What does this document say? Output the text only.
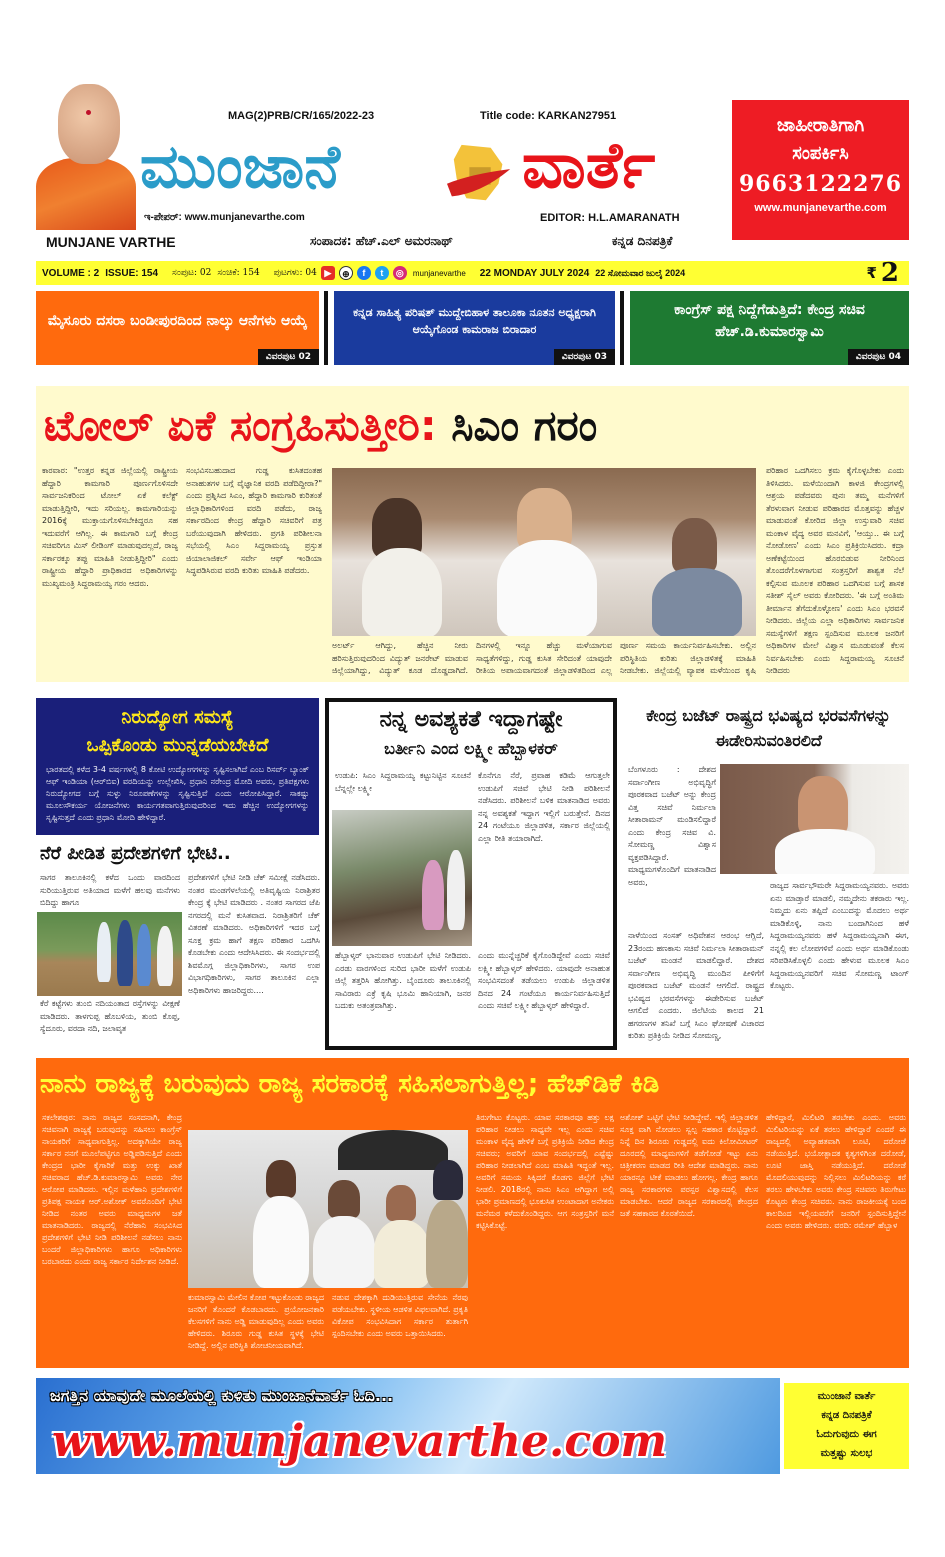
MUNJANE VARTHE
MAG(2)PRB/CR/165/2022-23	Title code: KARKAN27951
ಮುಂಜಾನೆ	ವಾರ್ತೆ
ಇ-ಪೇಪರ್: www.munjanevarthe.com	EDITOR: H.L.AMARANATH
ಸಂಪಾದಕ: ಹೆಚ್.ಎಲ್ ಅಮರನಾಥ್	ಕನ್ನಡ ದಿನಪತ್ರಿಕೆ
ಜಾಹೀರಾತಿಗಾಗಿ
ಸಂಪರ್ಕಿಸಿ
9663122276
www.munjanevarthe.com
VOLUME : 2 ISSUE: 154 ಸಂಪುಟ: 02 ಸಂಚಿಕೆ: 154 ಪುಟಗಳು: 04 ▶	⊕	f	t	◎	munjanevarthe 22 MONDAY JULY 2024 22 ಸೋಮವಾರ ಜುಲೈ 2024	₹ 2
ಮೈಸೂರು ದಸರಾ ಬಂಡೀಪುರದಿಂದ ನಾಲ್ಕು ಆನೆಗಳು ಆಯ್ಕೆ
ವಿವರಪುಟ 02
ಕನ್ನಡ ಸಾಹಿತ್ಯ ಪರಿಷತ್ ಮುದ್ದೇಬಿಹಾಳ ತಾಲೂಕಾ ನೂತನ ಅಧ್ಯಕ್ಷರಾಗಿ ಆಯ್ಕೆಗೊಂಡ ಕಾಮರಾಜ ಬಿರಾದಾರ
ವಿವರಪುಟ 03
ಕಾಂಗ್ರೆಸ್ ಪಕ್ಷ ನಿದ್ದೆಗೆಡುತ್ತಿದೆ: ಕೇಂದ್ರ ಸಚಿವ ಹೆಚ್.ಡಿ.ಕುಮಾರಸ್ವಾಮಿ
ವಿವರಪುಟ 04
ಟೋಲ್ ಏಕೆ ಸಂಗ್ರಹಿಸುತ್ತೀರಿ: ಸಿಎಂ ಗರಂ
ಕಾರವಾರ: "ಉತ್ತರ ಕನ್ನಡ ಜಿಲ್ಲೆಯಲ್ಲಿ ರಾಷ್ಟ್ರೀಯ ಹೆದ್ದಾರಿ ಕಾಮಗಾರಿ ಪೂರ್ಣಗೊಳಿಸದೇ ಸಾರ್ವಜನಿಕರಿಂದ ಟೋಲ್ ಏಕೆ ಕಲೆಕ್ಟ್ ಮಾಡುತ್ತಿದ್ದೀರಿ, ಇದು ಸರಿಯಲ್ಲ. ಕಾಮಗಾರಿಯನ್ನು 2016ಕ್ಕೆ ಮುಕ್ತಾಯಗೊಳಿಸಬೇಕಿದ್ದರೂ ಸಹ ಇದುವರೆಗೆ ಆಗಿಲ್ಲ. ಈ ಕಾಮಗಾರಿ ಬಗ್ಗೆ ಕೇಂದ್ರ ಸಚಿವರಿಗೂ ಮಿಸ್ ಲೀಡಿಂಗ್ ಮಾಡುವುದಲ್ಲದೆ, ರಾಜ್ಯ ಸರ್ಕಾರಕ್ಕೂ ತಪ್ಪು ಮಾಹಿತಿ ನೀಡುತ್ತಿದ್ದೀರಿ" ಎಂದು ರಾಷ್ಟ್ರೀಯ ಹೆದ್ದಾರಿ ಪ್ರಾಧಿಕಾರದ ಅಧಿಕಾರಿಗಳನ್ನು ಮುಖ್ಯಮಂತ್ರಿ ಸಿದ್ದರಾಮಯ್ಯ ಗರಂ ಆದರು.
ಸಂಭವಿಸಬಹುದಾದ ಗುಡ್ಡ ಕುಸಿತದಂತಹ ಅನಾಹುತಗಳ ಬಗ್ಗೆ ವೈಜ್ಞಾನಿಕ ವರದಿ ಪಡೆದಿದ್ದೀರಾ?" ಎಂದು ಪ್ರಶ್ನಿಸಿದ ಸಿಎಂ, ಹೆದ್ದಾರಿ ಕಾಮಗಾರಿ ಕುರಿತಂತೆ ಜಿಲ್ಲಾಧಿಕಾರಿಗಳಿಂದ ವರದಿ ಪಡೆದು, ರಾಜ್ಯ ಸರ್ಕಾರದಿಂದ ಕೇಂದ್ರ ಹೆದ್ದಾರಿ ಸಚಿವರಿಗೆ ಪತ್ರ ಬರೆಯುವುದಾಗಿ ಹೇಳಿದರು. ಪ್ರಗತಿ ಪರಿಶೀಲನಾ ಸಭೆಯಲ್ಲಿ ಸಿಎಂ ಸಿದ್ದರಾಮಯ್ಯ ಪ್ರಸ್ತುತ ಜಿಯಾಲಾಜಿಕಲ್ ಸರ್ವೇ ಆಫ್ ಇಂಡಿಯಾ ಸಿದ್ಧಪಡಿಸಿರುವ ವರದಿ ಕುರಿತು ಮಾಹಿತಿ ಪಡೆದರು.
ಅಲರ್ಟ್ ಆಗಿದ್ದು, ಹೆಚ್ಚಿನ ನೀರು ಹರಿಸುತ್ತಿರುವುದರಿಂದ ವಿದ್ಯುತ್ ಜನರೇಟ್ ಮಾಡುವ ಜಿಲ್ಲೆಯಾಗಿದ್ದು, ವಿದ್ಯುತ್ ಕೂಡ ದೊಡ್ಡದಾಗಿದೆ.
ದಿನಗಳಲ್ಲಿ ಇನ್ನೂ ಹೆಚ್ಚು ಮಳೆಯಾಗುವ ಸಾಧ್ಯತೆಗಳಿದ್ದು, ಗುಡ್ಡ ಕುಸಿತ ಸೇರಿದಂತೆ ಯಾವುದೇ ರೀತಿಯ ಅಪಾಯವಾಗದಂತೆ ಜಿಲ್ಲಾಡಳಿತದಿಂದ ಎಲ್ಲ
ಪೂರ್ಣ ಸಮಯ ಕಾರ್ಯನಿರ್ವಹಿಸಬೇಕು. ಅಲ್ಲಿನ ಪರಿಸ್ಥಿತಿಯ ಕುರಿತು ಜಿಲ್ಲಾಡಳಿತಕ್ಕೆ ಮಾಹಿತಿ ನೀಡಬೇಕು. ಜಿಲ್ಲೆಯಲ್ಲಿ ವ್ಯಾಪಕ ಮಳೆಯಿಂದ ಕೃಷಿ
ಪರಿಹಾರ ಒದಗಿಸಲು ಕ್ರಮ ಕೈಗೊಳ್ಳಬೇಕು ಎಂದು ತಿಳಿಸಿದರು. ಮಳೆಯಿಂದಾಗಿ ಕಾಳಜಿ ಕೇಂದ್ರಗಳಲ್ಲಿ ಆಶ್ರಯ ಪಡೆದವರು ಪುನಃ ತಮ್ಮ ಮನೆಗಳಿಗೆ ತೆರಳುವಾಗ ನೀಡುವ ಪರಿಹಾರದ ಮೊತ್ತವನ್ನು ಹೆಚ್ಚಳ ಮಾಡುವಂತೆ ಕೋರಿದ ಜಿಲ್ಲಾ ಉಸ್ತುವಾರಿ ಸಚಿವ ಮಂಕಾಳ ವೈದ್ಯ ಅವರ ಮನವಿಗೆ, 'ಆಯ್ತು.. ಈ ಬಗ್ಗೆ ನೋಡೋಣ' ಎಂದು ಸಿಎಂ ಪ್ರತಿಕ್ರಿಯಿಸಿದರು. ಕದ್ರಾ ಅಣೆಕಟ್ಟೆಯಿಂದ ಹೊರಬಿಡುವ ನೀರಿನಿಂದ ತೊಂದರೆಗೊಳಗಾಗುವ ಸಂತ್ರಸ್ತರಿಗೆ ಶಾಶ್ವತ ನೆಲೆ ಕಲ್ಪಿಸುವ ಮೂಲಕ ಪರಿಹಾರ ಒದಗಿಸುವ ಬಗ್ಗೆ ಶಾಸಕ ಸತೀಶ್ ಸೈಲ್ ಅವರು ಕೋರಿದರು. 'ಈ ಬಗ್ಗೆ ಅಂತಿಮ ತೀರ್ಮಾನ ತೆಗೆದುಕೊಳ್ಳೋಣ' ಎಂದು ಸಿಎಂ ಭರವಸೆ ನೀಡಿದರು. ಜಿಲ್ಲೆಯ ಎಲ್ಲಾ ಅಧಿಕಾರಿಗಳು ಸಾರ್ವಜನಿಕ ಸಮಸ್ಯೆಗಳಿಗೆ ತಕ್ಷಣ ಸ್ಪಂದಿಸುವ ಮೂಲಕ ಜನರಿಗೆ ಅಧಿಕಾರಿಗಳ ಮೇಲೆ ವಿಶ್ವಾಸ ಮೂಡುವಂತೆ ಕೆಲಸ ನಿರ್ವಹಿಸಬೇಕು ಎಂದು ಸಿದ್ದರಾಮಯ್ಯ ಸೂಚನೆ ನೀಡಿದರು
ನಿರುದ್ಯೋಗ ಸಮಸ್ಯೆ
ಒಪ್ಪಿಕೊಂಡು ಮುನ್ನಡೆಯಬೇಕಿದೆ
ಭಾರತದಲ್ಲಿ ಕಳೆದ 3-4 ವರ್ಷಗಳಲ್ಲಿ 8 ಕೋಟಿ ಉದ್ಯೋಗಗಳನ್ನು ಸೃಷ್ಟಿಸಲಾಗಿದೆ ಎಂಬ ರಿಸರ್ವ್ ಬ್ಯಾಂಕ್ ಆಫ್ ಇಂಡಿಯಾ (ಆರ್‌ಬಿಐ) ವರದಿಯನ್ನು ಉಲ್ಲೇಖಿಸಿ, ಪ್ರಧಾನಿ ನರೇಂದ್ರ ಮೋದಿ ಅವರು, ಪ್ರತಿಪಕ್ಷಗಳು ನಿರುದ್ಯೋಗದ ಬಗ್ಗೆ ಸುಳ್ಳು ನಿರೂಪಣೆಗಳನ್ನು ಸೃಷ್ಟಿಸುತ್ತಿವೆ ಎಂದು ಆರೋಪಿಸಿದ್ದಾರೆ. ಸಾಕಷ್ಟು ಮೂಲಸೌಕರ್ಯ ಯೋಜನೆಗಳು ಕಾರ್ಯಗತವಾಗುತ್ತಿರುವುದರಿಂದ ಇದು ಹೆಚ್ಚಿನ ಉದ್ಯೋಗಗಳನ್ನು ಸೃಷ್ಟಿಸುತ್ತದೆ ಎಂದು ಪ್ರಧಾನಿ ಮೋದಿ ಹೇಳಿದ್ದಾರೆ.
ನೆರೆ ಪೀಡಿತ ಪ್ರದೇಶಗಳಿಗೆ ಭೇಟಿ..
ಸಾಗರ ತಾಲೂಕಿನಲ್ಲಿ ಕಳೆದ ಒಂದು ವಾರದಿಂದ ಸುರಿಯುತ್ತಿರುವ ಅತಿಯಾದ ಮಳೆಗೆ ಹಲವು ಮನೆಗಳು ಬಿದಿದ್ದು ಹಾಗೂ
ಕೆರೆ ಕಟ್ಟೆಗಳು ತುಂಬಿ ನದಿಯಂತಾದ ರಸ್ತೆಗಳನ್ನು ವೀಕ್ಷಣೆ ಮಾಡಿದರು. ತಾಳಗುಪ್ಪ ಹೊಬಳಿಯ, ತುಂಬಿ ಕೊಪ್ಪ, ಸ್ಯೆದೂರು, ವರದಾ ನದಿ, ಜಲಾವೃತ
ಪ್ರದೇಶಗಳಿಗೆ ಭೇಟಿ ನೀಡಿ ಚೆಕ್ ಸಮೀಕ್ಷೆ ನಡೆಸಿದರು. ನಂತರ ಮಂಡಗೆಳಲೆಯಲ್ಲಿ ಅತಿವೃಷ್ಟಿಯ ನಿರಾಶ್ರಿತರ ಕೇಂದ್ರ ಕ್ಕೆ ಭೇಟಿ ಮಾಡಿದರು . ನಂತರ ಸಾಗರದ ಜೆಪಿ ನಗರದಲ್ಲಿ ಮನೆ ಕುಸಿತವಾದ. ನಿರಾಶ್ರಿತರಿಗೆ ಚೆಕ್ ವಿತರಣೆ ಮಾಡಿದರು. ಅಧಿಕಾರಿಗಳಿಗೆ ಇದರ ಬಗ್ಗೆ ಸೂಕ್ತ ಕ್ರಮ ಹಾಗೆ ತಕ್ಷಣ ಪರಿಹಾರ ಒದಗಿಸಿ ಕೊಡಬೇಕು ಎಂದು ಆದೇಸಿಸಿದರು. ಈ ಸಂದರ್ಭದಲ್ಲಿ ಶಿವಮೊಗ್ಗ ಜಿಲ್ಲಾಧಿಕಾರಿಗಳು, ಸಾಗರ ಉಪ ವಿಭಾಗಧಿಕಾರಿಗಳು, ಸಾಗರ ತಾಲೂಕಿನ ಎಲ್ಲಾ ಅಧಿಕಾರಿಗಳು ಹಾಜರಿದ್ದರು....
ನನ್ನ ಅವಶ್ಯಕತೆ ಇದ್ದಾಗಷ್ಟೇ
ಬರ್ತೀನಿ ಎಂದ ಲಕ್ಷ್ಮೀ ಹೆಬ್ಬಾಳಕರ್
ಉಡುಪಿ: ಸಿಎಂ ಸಿದ್ದರಾಮಯ್ಯ ಕಟ್ಟುನಿಟ್ಟಿನ ಸೂಚನೆ ಬೆನ್ನಲ್ಲೇ ಲಕ್ಷ್ಮೀ
ಕೊನೆಗೂ ನೆರೆ, ಪ್ರವಾಹ ಕಡಿಮೆ ಆಗುತ್ತಲೇ ಉಡುಪಿಗೆ ಸಚಿವೆ ಭೇಟಿ ನೀಡಿ ಪರಿಶೀಲನೆ ನಡೆಸಿದರು. ಪರಿಶೀಲನೆ ಬಳಿಕ ಮಾತನಾಡಿದ ಅವರು ನನ್ನ ಅವಶ್ಯಕತೆ ಇದ್ದಾಗ ಇಲ್ಲಿಗೆ ಬರುತ್ತೇನೆ. ದಿನದ 24 ಗಂಟೆಯೂ ಜಿಲ್ಲಾಡಳಿತ, ಸರ್ಕಾರ ಜಿಲ್ಲೆಯಲ್ಲಿ ಎಲ್ಲಾ ರೀತಿ ತಯಾರಾಗಿದೆ.
ಹೆಬ್ಬಾಳ್ಕರ್ ಭಾನುವಾರ ಉಡುಪಿಗೆ ಭೇಟಿ ನೀಡಿದರು. ಎರಡು ವಾರಗಳಿಂದ ಸುರಿದ ಭಾರೀ ಮಳೆಗೆ ಉಡುಪಿ ಜಿಲ್ಲೆ ತತ್ತರಿಸಿ ಹೋಗಿತ್ತು. ಬೈಂದೂರು ತಾಲೂಕಿನಲ್ಲಿ ಸಾವಿರಾರು ಎಕ್ರೆ ಕೃಷಿ ಭೂಮಿ ಹಾನಿಯಾಗಿ, ಜನರ ಬದುಕು ಅತಂತ್ರವಾಗಿತ್ತು.
ಎಂದು ಮುನ್ನೆಚ್ಚರಿಕೆ ಕೈಗೊಂಡಿದ್ದೇವೆ ಎಂದು ಸಚಿವೆ ಲಕ್ಷ್ಮೀ ಹೆಬ್ಬಾಳ್ಕರ್ ಹೇಳಿದರು. ಯಾವುದೇ ಅನಾಹುತ ಸಂಭವಿಸದಂತೆ ತಡೆಯಲು ಉಡುಪಿ ಜಿಲ್ಲಾಡಳಿತ ದಿನದ 24 ಗಂಟೆಯೂ ಕಾರ್ಯನಿರ್ವಹಿಸುತ್ತಿದೆ ಎಂದು ಸಚಿವೆ ಲಕ್ಷ್ಮೀ ಹೆಬ್ಬಾಳ್ಕರ್ ಹೇಳಿದ್ದಾರೆ.
ಕೇಂದ್ರ ಬಜೆಟ್ ರಾಷ್ಟ್ರದ ಭವಿಷ್ಯದ ಭರವಸೆಗಳನ್ನು ಈಡೇರಿಸುವಂತಿರಲಿದೆ
ಬೆಂಗಳೂರು : ದೇಶದ ಸರ್ವಾಂಗೀಣ ಅಭಿವೃದ್ಧಿಗೆ ಪೂರಕವಾದ ಬಜೆಟ್ ಅನ್ನು ಕೇಂದ್ರ ವಿತ್ತ ಸಚಿವೆ ನಿರ್ಮಲಾ ಸೀತಾರಾಮನ್ ಮಂಡಿಸಲಿದ್ದಾರೆ ಎಂದು ಕೇಂದ್ರ ಸಚಿವ ವಿ. ಸೋಮಣ್ಣ ವಿಶ್ವಾಸ ವ್ಯಕ್ತಪಡಿಸಿದ್ದಾರೆ. ಮಾಧ್ಯಮಗಳೊಂದಿಗೆ ಮಾತನಾಡಿದ ಅವರು,
ನಾಳೆಯಿಂದ ಸಂಸತ್ ಅಧಿವೇಶನ ಆರಂಭ ಆಗ್ಲಿದೆ, 23ರಂದು ಹಣಕಾಸು ಸಚಿವೆ ನಿರ್ಮಲಾ ಸೀತಾರಾಮನ್ ಬಜೆಟ್ ಮಂಡನೆ ಮಾಡಲಿದ್ದಾರೆ. ದೇಶದ ಸರ್ವಾಂಗೀಣ ಅಭಿವೃದ್ಧಿ ಮುಂದಿನ ಪೀಳಿಗೆಗೆ ಪೂರಕವಾದ ಬಜೆಟ್ ಮಂಡನೆ ಆಗಲಿದೆ. ರಾಷ್ಟ್ರದ ಭವಿಷ್ಯದ ಭರವಸೆಗಳನ್ನು ಈಡೇರಿಸುವ ಬಜೆಟ್ ಆಗಲಿದೆ ಎಂದರು. ಜಿಲೆಟಿಯ ಕಾಲದ 21 ಹಗರಣಗಳ ತನಿಖೆ ಬಗ್ಗೆ ಸಿಎಂ ಘೋಷಣೆ ವಿಚಾರದ ಕುರಿತು ಪ್ರತಿಕ್ರಿಯೆ ನೀಡಿದ ಸೋಮಣ್ಣ,
ರಾಜ್ಯದ ಸಾರ್ವಭೌಮರೇ ಸಿದ್ದರಾಮಯ್ಯನವರು. ಅವರು ಏನು ಮಾಡ್ತಾರೆ ಮಾಡಲಿ, ನಮ್ಮದೇನು ತಕರಾರು ಇಲ್ಲ. ನಿಮ್ಮದು ಏನು ತಪ್ಪಿದೆ ಎಂಬುದನ್ನು ಮೊದಲು ಅರ್ಥ ಮಾಡಿಕೊಳ್ಳಿ, ನಾನು ಬಂದಾಗಿನಿಂದ ಹಳೆ ಸಿದ್ದರಾಮಯ್ಯನವರು ಹಳೆ ಸಿದ್ದರಾಮಯ್ಯನಾಗಿ ಈಗ, ನನ್ನಲ್ಲಿ ಕಲ ಲೋಪಗಳಿವೆ ಎಂದು ಅರ್ಥ ಮಾಡಿಕೊಂಡು ಸರಿಪಡಿಸಿಕೊಳ್ಳಲಿ ಎಂದು ಹೇಳುವ ಮೂಲಕ ಸಿಎಂ ಸಿದ್ದರಾಮಯ್ಯನವರಿಗೆ ಸಚಿವ ಸೋಮಣ್ಣ ಟಾಂಗ್ ಕೊಟ್ಟರು.
ನಾನು ರಾಜ್ಯಕ್ಕೆ ಬರುವುದು ರಾಜ್ಯ ಸರಕಾರಕ್ಕೆ ಸಹಿಸಲಾಗುತ್ತಿಲ್ಲ; ಹೆಚ್‌ಡಿಕೆ ಕಿಡಿ
ಸಕಲೇಶಪುರ: ನಾನು ರಾಜ್ಯದ ಸಂಸದನಾಗಿ, ಕೇಂದ್ರ ಸಚಿವನಾಗಿ ರಾಜ್ಯಕ್ಕೆ ಬರುವುದನ್ನು ಸಹಿಸಲು ಕಾಂಗ್ರೆಸ್ ನಾಯಕರಿಗೆ ಸಾಧ್ಯವಾಗುತ್ತಿಲ್ಲ. ಅದಕ್ಕಾಗಿಯೇ ರಾಜ್ಯ ಸರ್ಕಾರ ನನಗೆ ಮೂಲೆಪಟ್ಟಿಗೂ ಅಡ್ಡಿಪಡಿಸುತ್ತಿದೆ ಎಂದು ಕೇಂದ್ರದ ಭಾರೀ ಕೈಗಾರಿಕೆ ಮತ್ತು ಉಕ್ಕು ಖಾತೆ ಸಚಿವರಾದ ಹೆಚ್.ಡಿ.ಕುಮಾರಸ್ವಾಮಿ ಅವರು ನೇರ ಆರೋಪ ಮಾಡಿದರು. ಇಲ್ಲಿನ ಮಳೆಹಾನಿ ಪ್ರದೇಶಗಳಿಗೆ ಪ್ರತಿಪಕ್ಷ ನಾಯಕ ಆರ್.ಅಶೋಕ್ ಅವರೊಂದಿಗೆ ಭೇಟಿ ನೀಡಿದ ನಂತರ ಅವರು ಮಾಧ್ಯಮಗಳ ಜತೆ ಮಾತನಾಡಿದರು. ರಾಜ್ಯದಲ್ಲಿ ನೆರೆಹಾನಿ ಸಂಭವಿಸಿದ ಪ್ರದೇಶಗಳಿಗೆ ಭೇಟಿ ನೀಡಿ ಪರಿಶೀಲನೆ ನಡೆಸಲು ನಾನು ಬಂದರೆ ಜಿಲ್ಲಾಧಿಕಾರಿಗಳು ಹಾಗೂ ಅಧಿಕಾರಿಗಳು ಬರಬಾರದು ಎಂದು ರಾಜ್ಯ ಸರ್ಕಾರ ನಿರ್ದೇಶನ ನೀಡಿದೆ.
ಕುಮಾರಸ್ವಾಮಿ ಮೇಲಿನ ಕೋಪ ಇಟ್ಟುಕೊಂಡು ರಾಜ್ಯದ ಜನರಿಗೆ ತೊಂದರೆ ಕೊಡಬಾರದು. ಪ್ರಯೋಜನಕಾರಿ ಕೆಲಸಗಳಿಗೆ ನಾನು ಅಡ್ಡಿ ಮಾಡುವುದಿಲ್ಲ ಎಂದು ಅವರು ಹೇಳಿದರು. ಶಿರೂರು ಗುಡ್ಡ ಕುಸಿತ ಸ್ಥಳಕ್ಕೆ ಭೇಟಿ ನೀಡಿದ್ದೆ. ಅಲ್ಲಿನ ಪರಿಸ್ಥಿತಿ ಶೋಚನೀಯವಾಗಿದೆ.
ನಡುವ ದೇಶಕ್ಕಾಗಿ ದುಡಿಯುತ್ತಿರುವ ಸೇನೆಯ ನೆರವು ಪಡೆಯಬೇಕು. ಸ್ಥಳೀಯ ಆಡಳಿತ ವಿಫಲವಾಗಿದೆ. ಪ್ರಕೃತಿ ವಿಕೋಪ ಸಂಭವಿಸಿದಾಗ ಸರ್ಕಾರ ತುರ್ತಾಗಿ ಸ್ಪಂದಿಸಬೇಕು ಎಂದು ಅವರು ಒತ್ತಾಯಿಸಿದರು.
ತಿರುಗೇಟು ಕೊಟ್ಟರು. ಯಾವ ಸರಕಾರವೂ ಹತ್ತು ಲಕ್ಷ ಪರಿಹಾರ ನೀಡಲು ಸಾಧ್ಯವೇ ಇಲ್ಲ ಎಂದು ಸಚಿವ ಮಂಕಾಳ ವೈದ್ಯ ಹೇಳಿಕೆ ಬಗ್ಗೆ ಪ್ರತಿಕ್ರಿಯೆ ನೀಡಿದ ಕೇಂದ್ರ ಸಚಿವರು; ಅವರಿಗೆ ಯಾವ ಸಂದರ್ಭದಲ್ಲಿ ಎಷ್ಟೆಷ್ಟು ಪರಿಹಾರ ನೀಡಲಾಗಿದೆ ಎಂಬ ಮಾಹಿತಿ ಇದ್ದಂತೆ ಇಲ್ಲ. ಅವರಿಗೆ ಸಮಯ ಸಿಕ್ಕಿದರೆ ಕೊಡಗು ಜಿಲ್ಲೆಗೆ ಭೇಟಿ ನೀಡಲಿ. 2018ರಲ್ಲಿ ನಾನು ಸಿಎಂ ಆಗಿದ್ದಾಗ ಅಲ್ಲಿ ಭಾರೀ ಪ್ರಮಾಣದಲ್ಲಿ ಭೂಕುಸಿತ ಉಂಟಾದಾಗ ಅನೇಕರು ಮನೆಮಠ ಕಳೆದುಕೊಂಡಿದ್ದರು. ಆಗ ಸಂತ್ರಸ್ತರಿಗೆ ಮನೆ ಕಟ್ಟಿಸಿಕೊಟ್ಟೆ.
ಅಶೋಕ್ ಒಟ್ಟಿಗೆ ಭೇಟಿ ನೀಡಿದ್ದೇವೆ. ಇಲ್ಲಿ ಜಿಲ್ಲಾಡಳಿತ ಸೂಕ್ತ ವಾಗಿ ನೋಡಲು ಸ್ವಲ್ಪ ಸಹಕಾರ ಕೊಟ್ಟಿದ್ದಾರೆ. ನಿನ್ನೆ ದಿನ ಶಿರೂರು ಗುಡ್ಡದಲ್ಲಿ ಐದು ಕಿಲೋಮೀಟರ್ ದೂರದಲ್ಲಿ ಮಾಧ್ಯಮಗಳಿಗೆ ತಡೆಗೋಡೆ ಇಟ್ಟು ಏನು ಚಿತ್ರೀಕರಣ ಮಾಡದ ರೀತಿ ಆದೇಶ ಮಾಡಿದ್ದರು. ನಾನು ಯಾರನ್ನೂ ಟೀಕೆ ಮಾಡಲು ಹೋಗಲ್ಲ. ಕೇಂದ್ರ ಹಾಗೂ ರಾಜ್ಯ ಸರಕಾರಗಳು ಪರಸ್ಪರ ವಿಶ್ವಾಸದಲ್ಲಿ ಕೆಲಸ ಮಾಡಬೇಕು. ಆದರೆ ರಾಜ್ಯದ ಸರಕಾರದಲ್ಲಿ ಕೇಂದ್ರದ ಜತೆ ಸಹಕಾರದ ಕೊರತೆಯಿದೆ.
ಹೇಳಿದ್ದಾರೆ, ಮಿಲಿಟರಿ ತರಬೇಕು ಎಂದು. ಅವರು ಮಿಲಿಟರಿಯನ್ನು ಏಕೆ ತರಲು ಹೇಳಿದ್ದಾರೆ ಎಂದರೆ ಈ ರಾಜ್ಯದಲ್ಲಿ ಅವ್ಯಾಹತವಾಗಿ ಲೂಟಿ, ದರೋಡೆ ನಡೆಯುತ್ತಿದೆ. ಭಯೋತ್ಪಾದಕ ಕೃತ್ಯಗಳಿಗಿಂತ ದರೋಡೆ, ಲೂಟಿ ಜಾಸ್ತಿ ನಡೆಯುತ್ತಿದೆ. ದರೋಡೆ ಮೊದಲಿಯುವುದನ್ನು ನಿಲ್ಲಿಸಲು ಮಿಲಿಟರಿಯನ್ನು ಕರೆ ತರಲು ಹೇಳಬೇಕು ಅವರು ಕೇಂದ್ರ ಸಚಿವರು ತಿರುಗೇಟು ಕೊಟ್ಟರು ಕೇಂದ್ರ ಸಚಿವರು. ನಾನು ರಾಜಕೀಯಕ್ಕೆ ಬಂದ ಕಾಲದಿಂದ ಇಲ್ಲಿಯವರೆಗೆ ಜನರಿಗೆ ಸ್ಪಂದಿಸುತ್ತಿದ್ದೇನೆ ಎಂದು ಅವರು ಹೇಳಿದರು. ವರದಿ: ರಮೇಶ್ ಹೆಬ್ಬಾಳ
ಜಗತ್ತಿನ ಯಾವುದೇ ಮೂಲೆಯಲ್ಲಿ ಕುಳಿತು ಮುಂಜಾನೆವಾರ್ತೆ ಓದಿ...
www.munjanevarthe.com
ಮುಂಜಾನೆ ವಾರ್ತೆ
ಕನ್ನಡ ದಿನಪತ್ರಿಕೆ
ಓದುಗುವುದು ಈಗ
ಮತ್ತಷ್ಟು ಸುಲಭ
